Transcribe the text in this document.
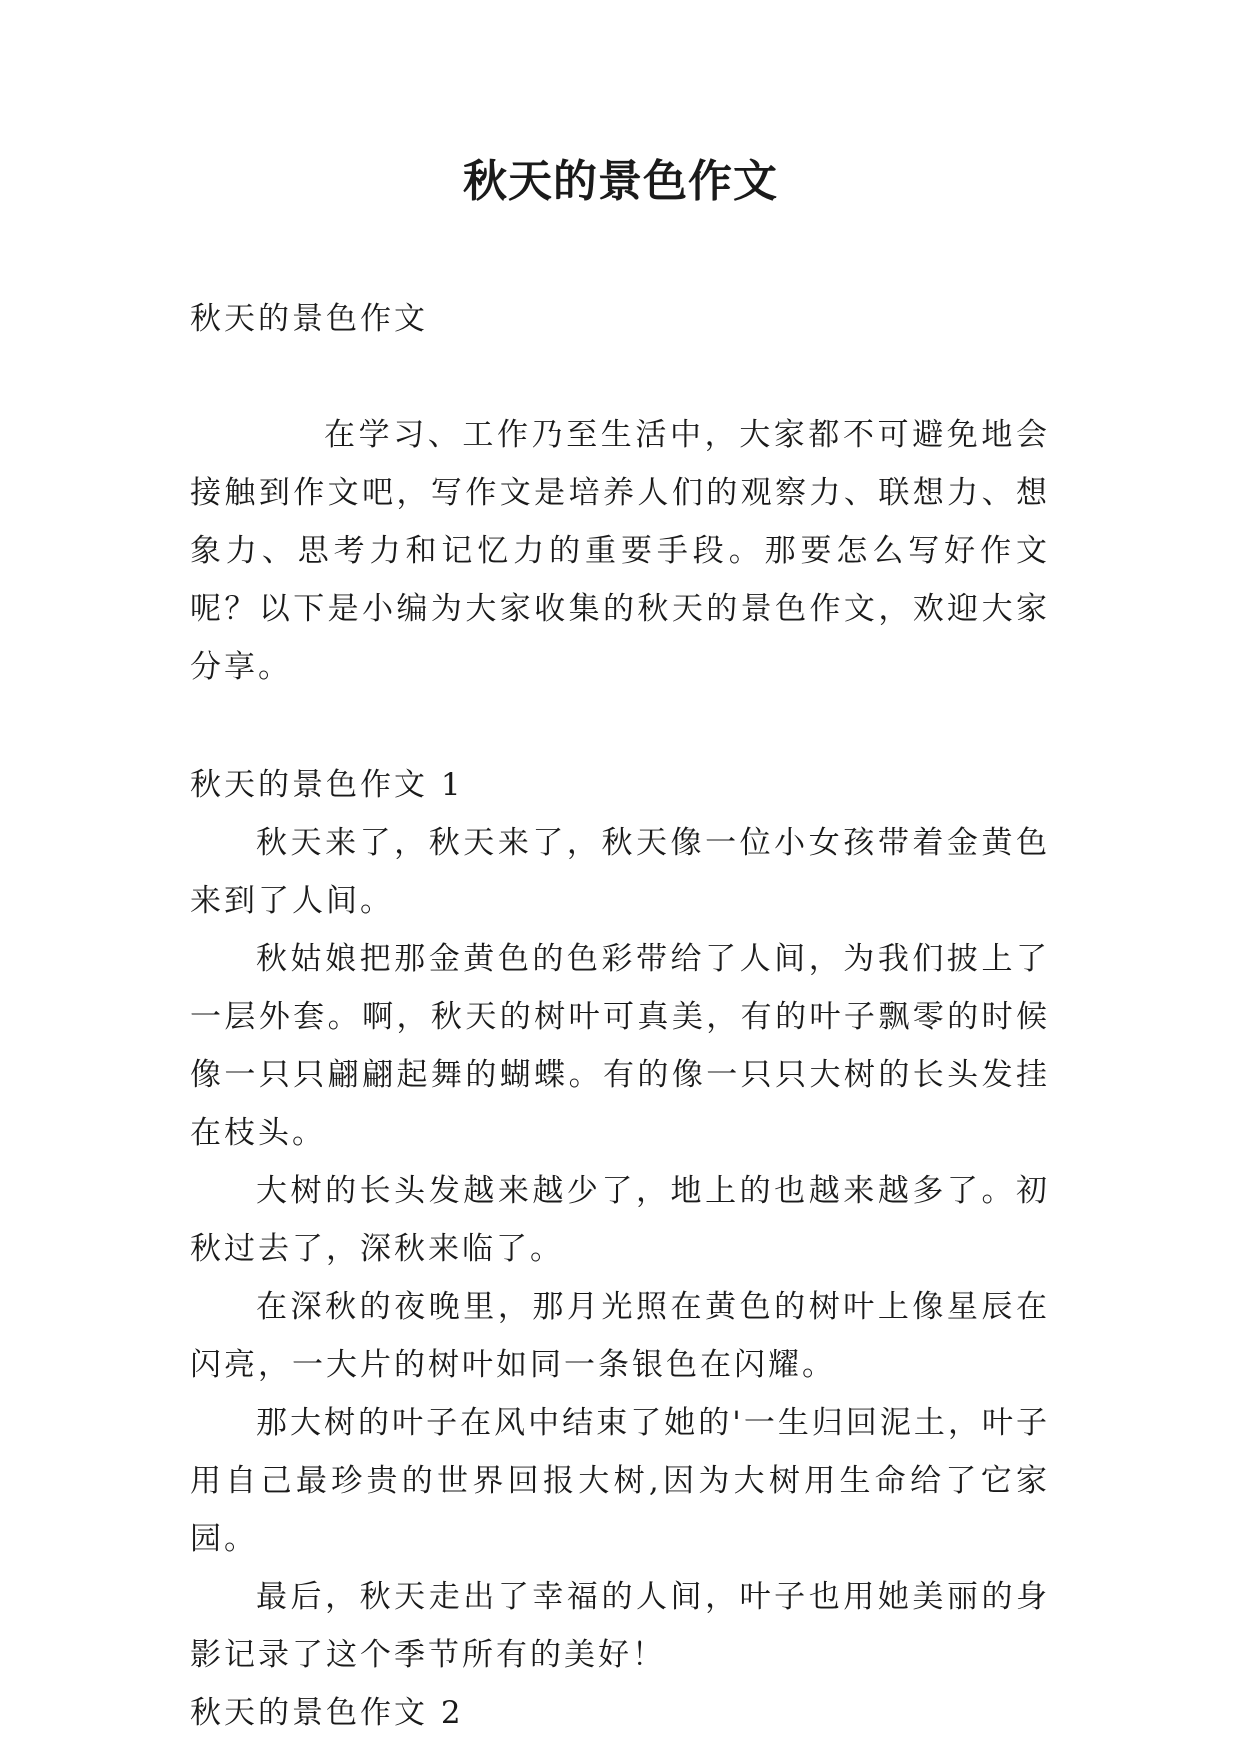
秋天的景色作文

秋天的景色作文

在学习、工作乃至生活中，大家都不可避免地会接触到作文吧，写作文是培养人们的观察力、联想力、想象力、思考力和记忆力的重要手段。那要怎么写好作文呢？以下是小编为大家收集的秋天的景色作文，欢迎大家分享。

秋天的景色作文 1

秋天来了，秋天来了，秋天像一位小女孩带着金黄色来到了人间。

秋姑娘把那金黄色的色彩带给了人间，为我们披上了一层外套。啊，秋天的树叶可真美，有的叶子飘零的时候像一只只翩翩起舞的蝴蝶。有的像一只只大树的长头发挂在枝头。

大树的长头发越来越少了，地上的也越来越多了。初秋过去了，深秋来临了。

在深秋的夜晚里，那月光照在黄色的树叶上像星辰在闪亮，一大片的树叶如同一条银色在闪耀。

那大树的叶子在风中结束了她的'一生归回泥土，叶子用自己最珍贵的世界回报大树,因为大树用生命给了它家园。

最后，秋天走出了幸福的人间，叶子也用她美丽的身影记录了这个季节所有的美好！

秋天的景色作文 2
